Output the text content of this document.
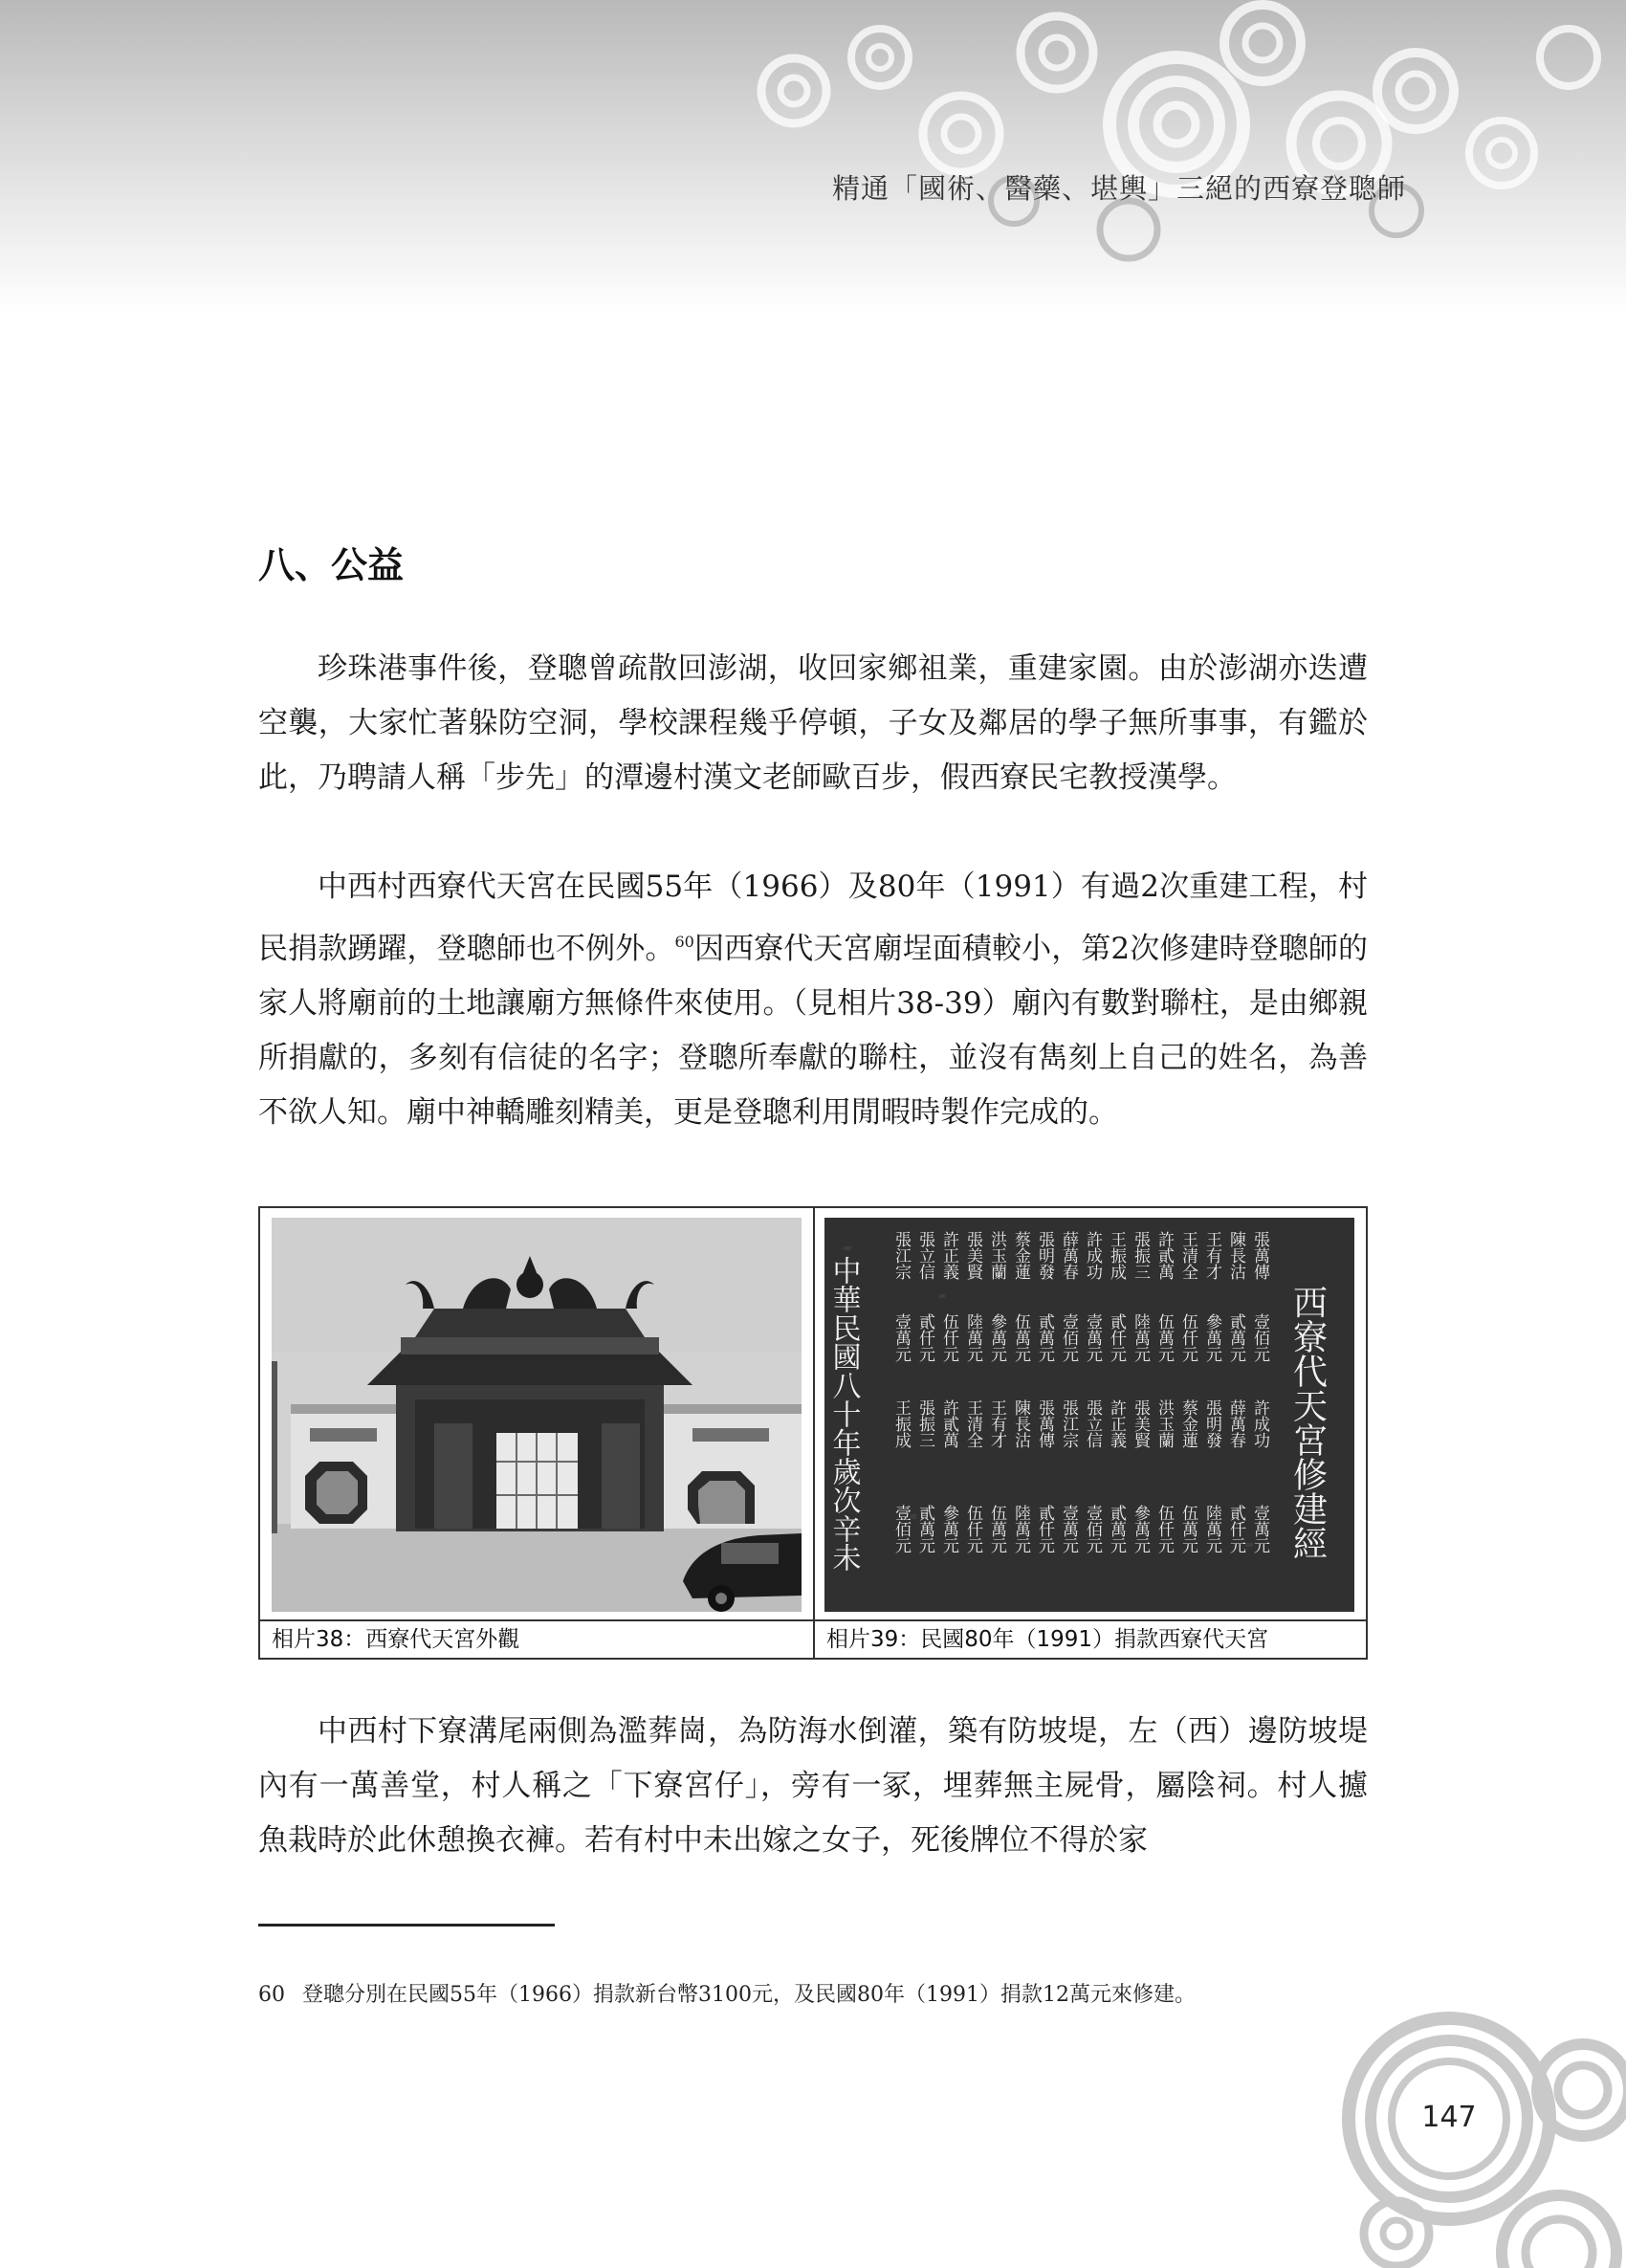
精通「國術、醫藥、堪輿」三絕的西寮登聰師
八、公益

珍珠港事件後，登聰曾疏散回澎湖，收回家鄉祖業，重建家園。由於澎湖亦迭遭空襲，大家忙著躲防空洞，學校課程幾乎停頓，子女及鄰居的學子無所事事，有鑑於此，乃聘請人稱「步先」的潭邊村漢文老師歐百步，假西寮民宅教授漢學。

中西村西寮代天宮在民國55年（1966）及80年（1991）有過2次重建工程，村民捐款踴躍，登聰師也不例外。$^{60}$因西寮代天宮廟埕面積較小，第2次修建時登聰師的家人將廟前的土地讓廟方無條件來使用。（見相片38-39）廟內有數對聯柱，是由鄉親所捐獻的，多刻有信徒的名字；登聰所奉獻的聯柱，並沒有雋刻上自己的姓名，為善不欲人知。廟中神轎雕刻精美，更是登聰利用閒暇時製作完成的。

相片38：西寮代天宮外觀
西寮代天宮修建經
中華民國八十年歲次辛未
張萬傳
陳長沽
王有才
王清全
許貳萬
張振三
王振成
許成功
薛萬春
張明發
蔡金蓮
洪玉蘭
張美賢
許正義
張立信
張江宗
壹佰元
貳萬元
參萬元
伍仟元
伍萬元
陸萬元
貳仟元
壹萬元
壹佰元
貳萬元
伍萬元
參萬元
陸萬元
伍仟元
貳仟元
壹萬元
許成功
薛萬春
張明發
蔡金蓮
洪玉蘭
張美賢
許正義
張立信
張江宗
張萬傳
陳長沽
王有才
王清全
許貳萬
張振三
王振成
壹萬元
貳仟元
陸萬元
伍萬元
伍仟元
參萬元
貳萬元
壹佰元
壹萬元
貳仟元
陸萬元
伍萬元
伍仟元
參萬元
貳萬元
壹佰元
相片39：民國80年（1991）捐款西寮代天宮

中西村下寮溝尾兩側為濫葬崗，為防海水倒灌，築有防坡堤，左（西）邊防坡堤內有一萬善堂，村人稱之「下寮宮仔」，旁有一冢，埋葬無主屍骨，屬陰祠。村人攄魚栽時於此休憩換衣褲。若有村中未出嫁之女子，死後牌位不得於家

60 登聰分別在民國55年（1966）捐款新台幣3100元，及民國80年（1991）捐款12萬元來修建。
147
